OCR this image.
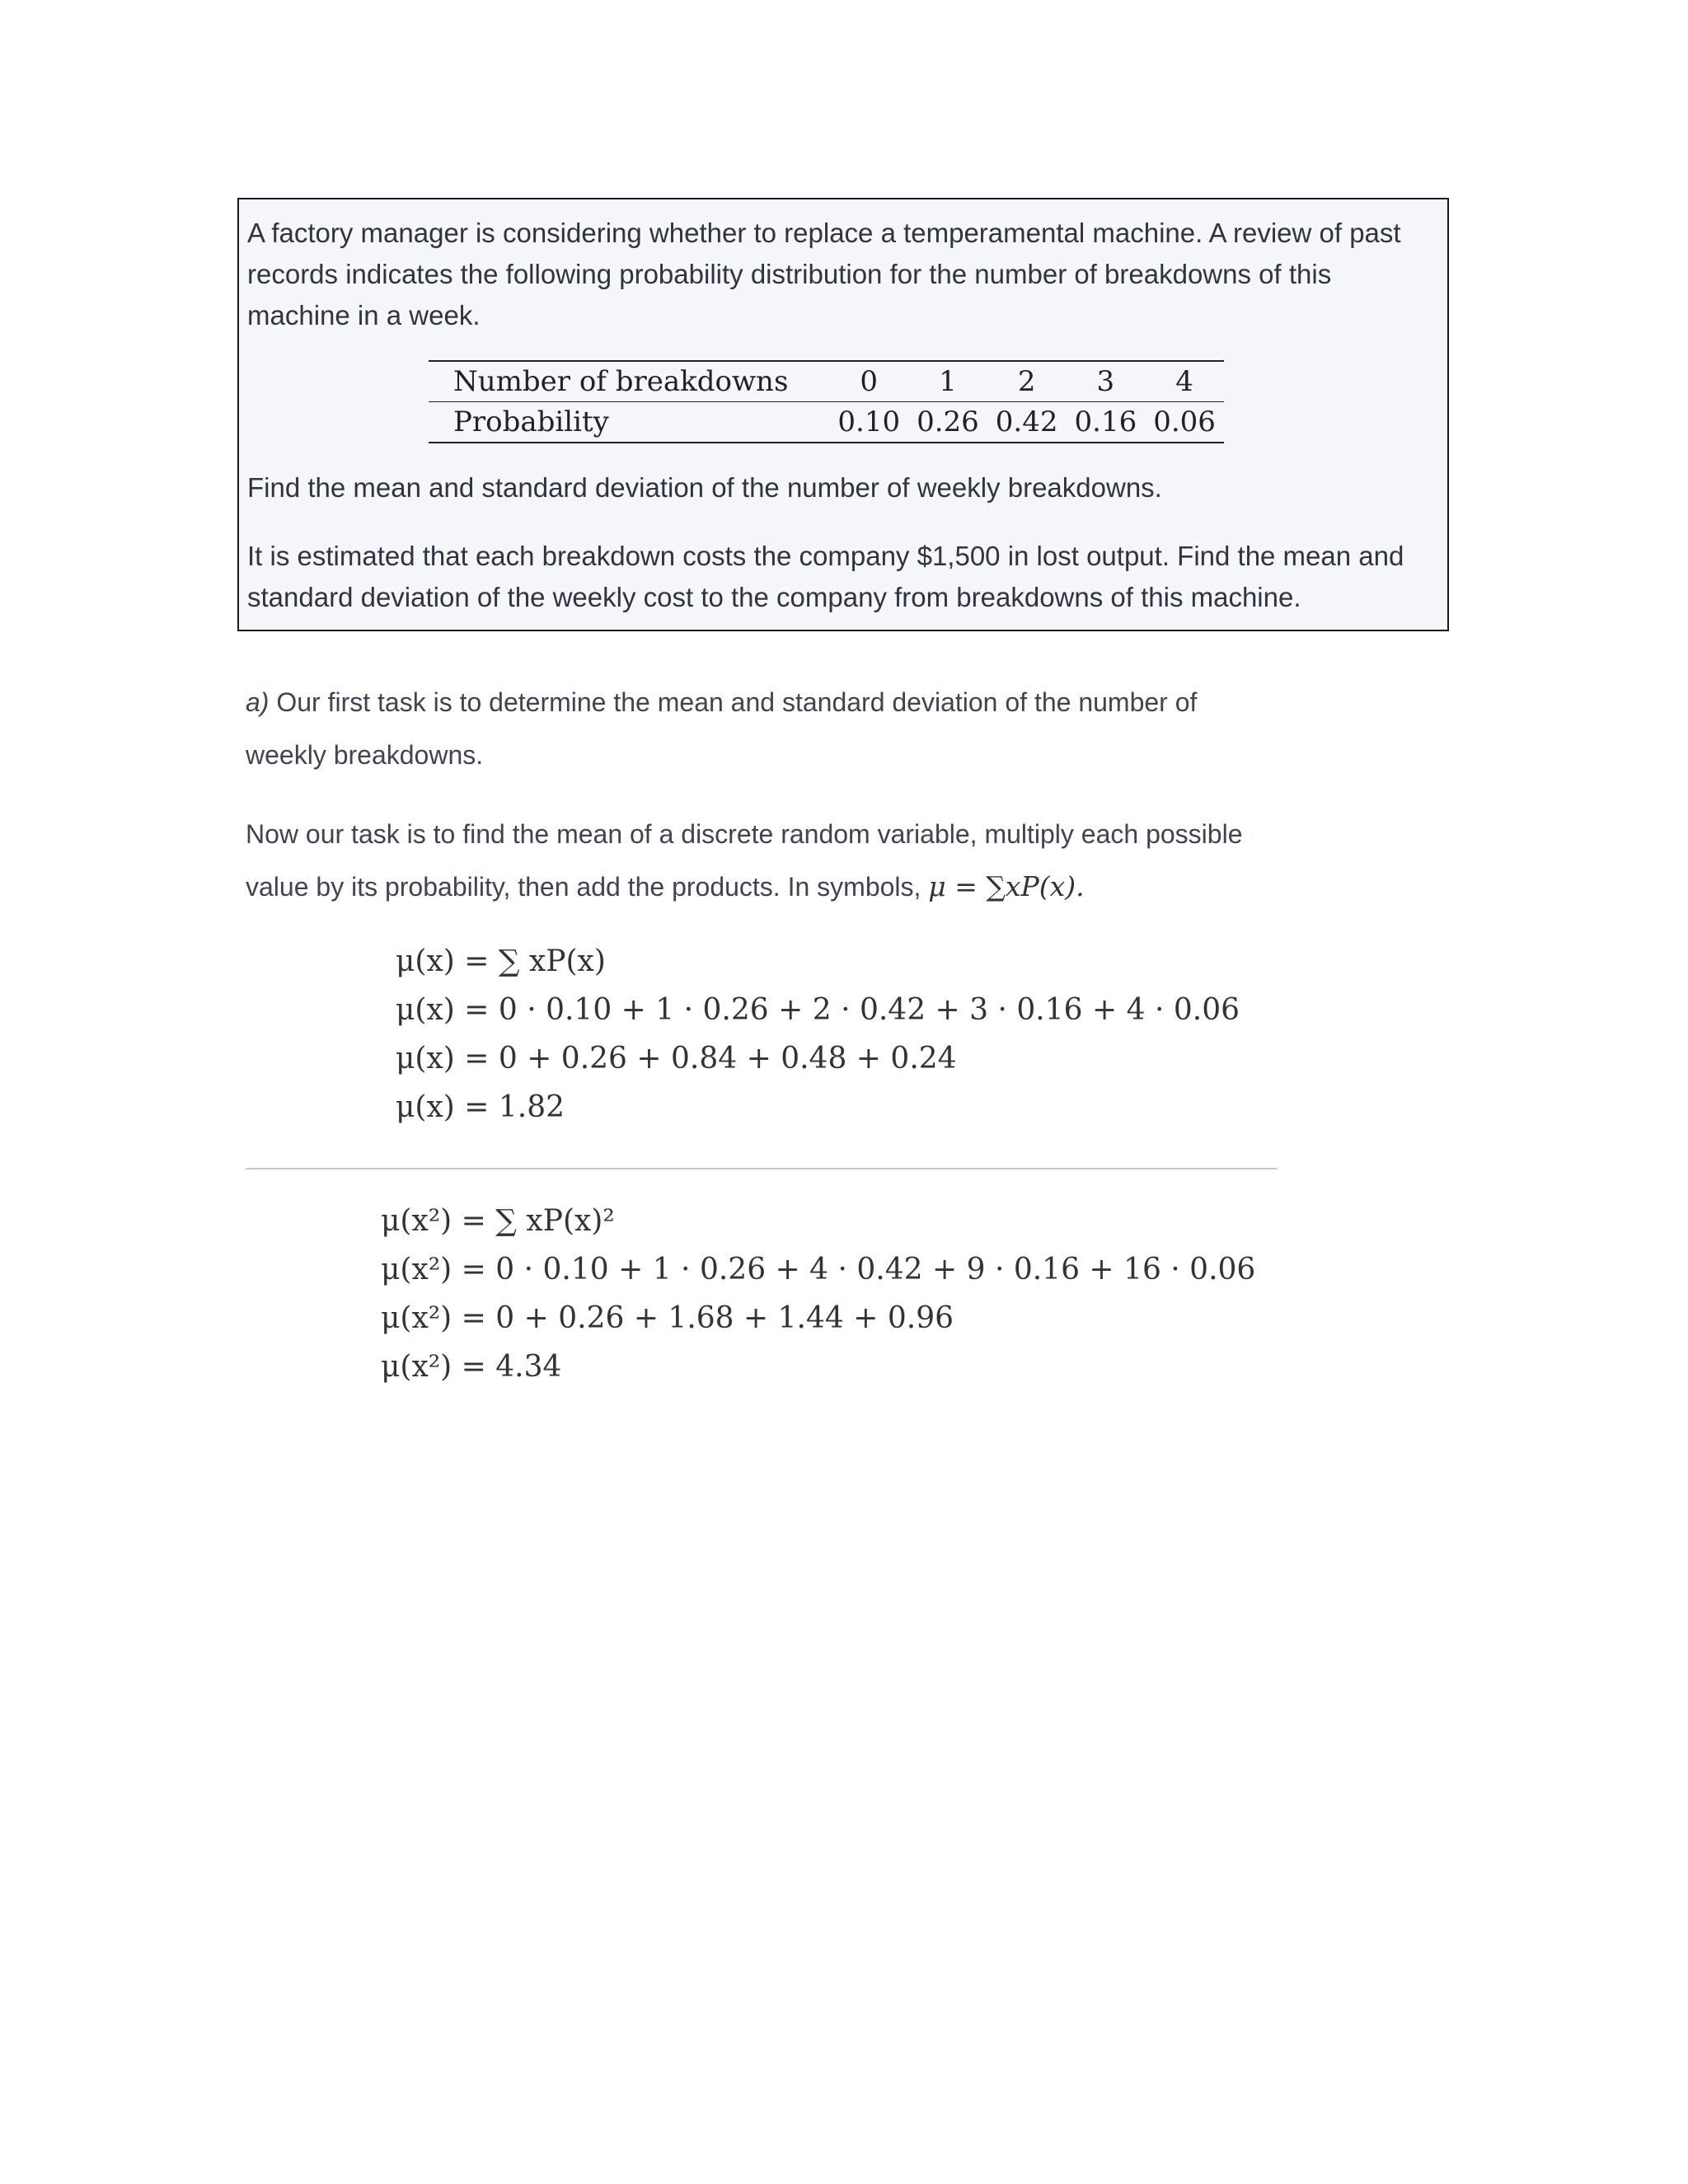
A factory manager is considering whether to replace a temperamental machine. A review of past records indicates the following probability distribution for the number of breakdowns of this machine in a week.

Number of breakdowns	0	1	2	3	4
Probability	0.10	0.26	0.42	0.16	0.06

Find the mean and standard deviation of the number of weekly breakdowns.

It is estimated that each breakdown costs the company $1,500 in lost output. Find the mean and standard deviation of the weekly cost to the company from breakdowns of this machine.

a) Our first task is to determine the mean and standard deviation of the number of weekly breakdowns.

Now our task is to find the mean of a discrete random variable, multiply each possible value by its probability, then add the products. In symbols, μ = ∑xP(x).

μ(x) = ∑ xP(x)
μ(x) = 0 · 0.10 + 1 · 0.26 + 2 · 0.42 + 3 · 0.16 + 4 · 0.06
μ(x) = 0 + 0.26 + 0.84 + 0.48 + 0.24
μ(x) = 1.82
μ(x²) = ∑ xP(x)²
μ(x²) = 0 · 0.10 + 1 · 0.26 + 4 · 0.42 + 9 · 0.16 + 16 · 0.06
μ(x²) = 0 + 0.26 + 1.68 + 1.44 + 0.96
μ(x²) = 4.34
